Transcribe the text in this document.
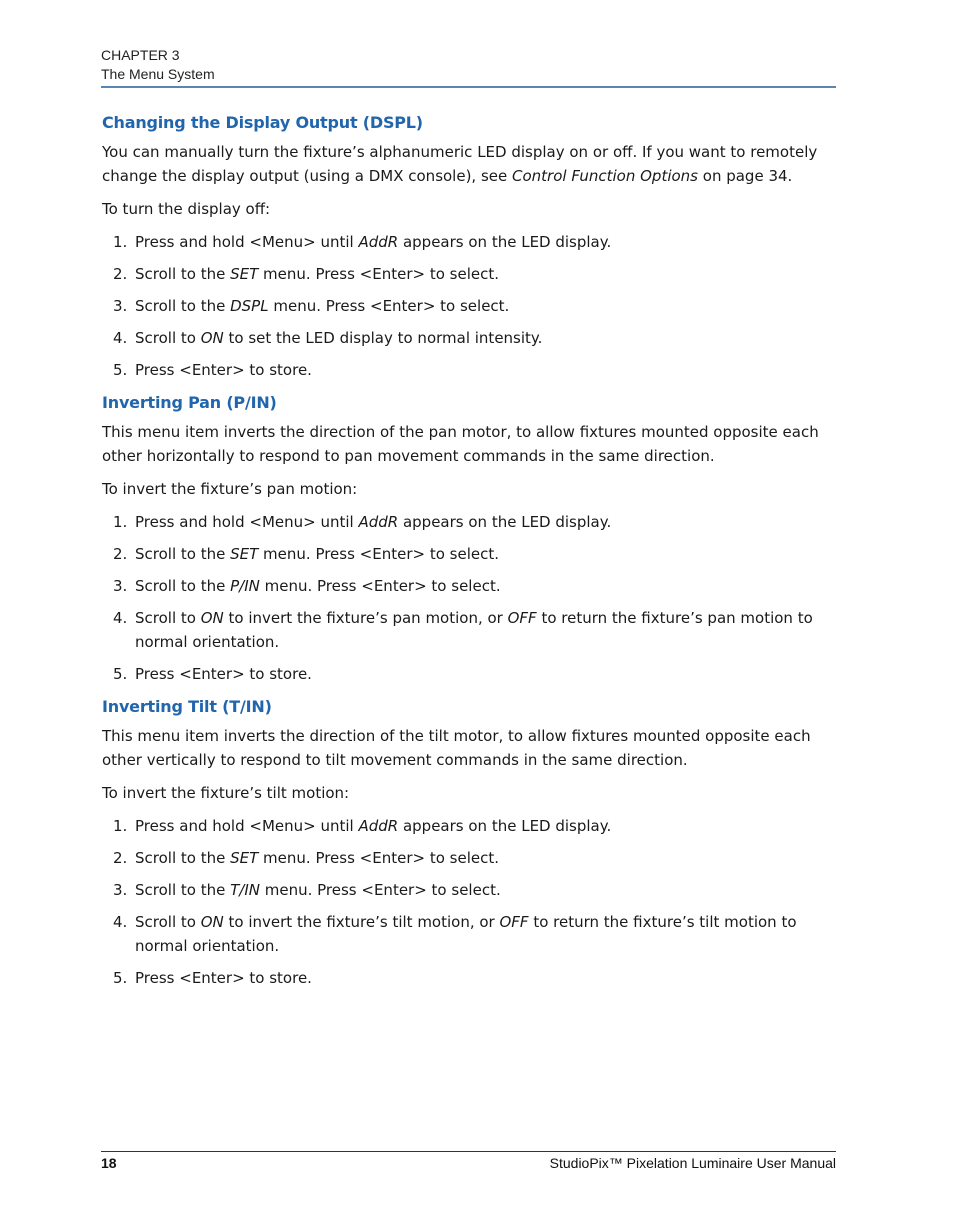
CHAPTER 3
The Menu System
Changing the Display Output (DSPL)

You can manually turn the fixture’s alphanumeric LED display on or off. If you want to remotely change the display output (using a DMX console), see Control Function Options on page 34.

To turn the display off:

1. Press and hold <Menu> until AddR appears on the LED display.
2. Scroll to the SET menu. Press <Enter> to select.
3. Scroll to the DSPL menu. Press <Enter> to select.
4. Scroll to ON to set the LED display to normal intensity.
5. Press <Enter> to store.
Inverting Pan (P/IN)

This menu item inverts the direction of the pan motor, to allow fixtures mounted opposite each other horizontally to respond to pan movement commands in the same direction.

To invert the fixture’s pan motion:

1. Press and hold <Menu> until AddR appears on the LED display.
2. Scroll to the SET menu. Press <Enter> to select.
3. Scroll to the P/IN menu. Press <Enter> to select.
4. Scroll to ON to invert the fixture’s pan motion, or OFF to return the fixture’s pan motion to normal orientation.
5. Press <Enter> to store.
Inverting Tilt (T/IN)

This menu item inverts the direction of the tilt motor, to allow fixtures mounted opposite each other vertically to respond to tilt movement commands in the same direction.

To invert the fixture’s tilt motion:

1. Press and hold <Menu> until AddR appears on the LED display.
2. Scroll to the SET menu. Press <Enter> to select.
3. Scroll to the T/IN menu. Press <Enter> to select.
4. Scroll to ON to invert the fixture’s tilt motion, or OFF to return the fixture’s tilt motion to normal orientation.
5. Press <Enter> to store.
18	StudioPix™ Pixelation Luminaire User Manual
